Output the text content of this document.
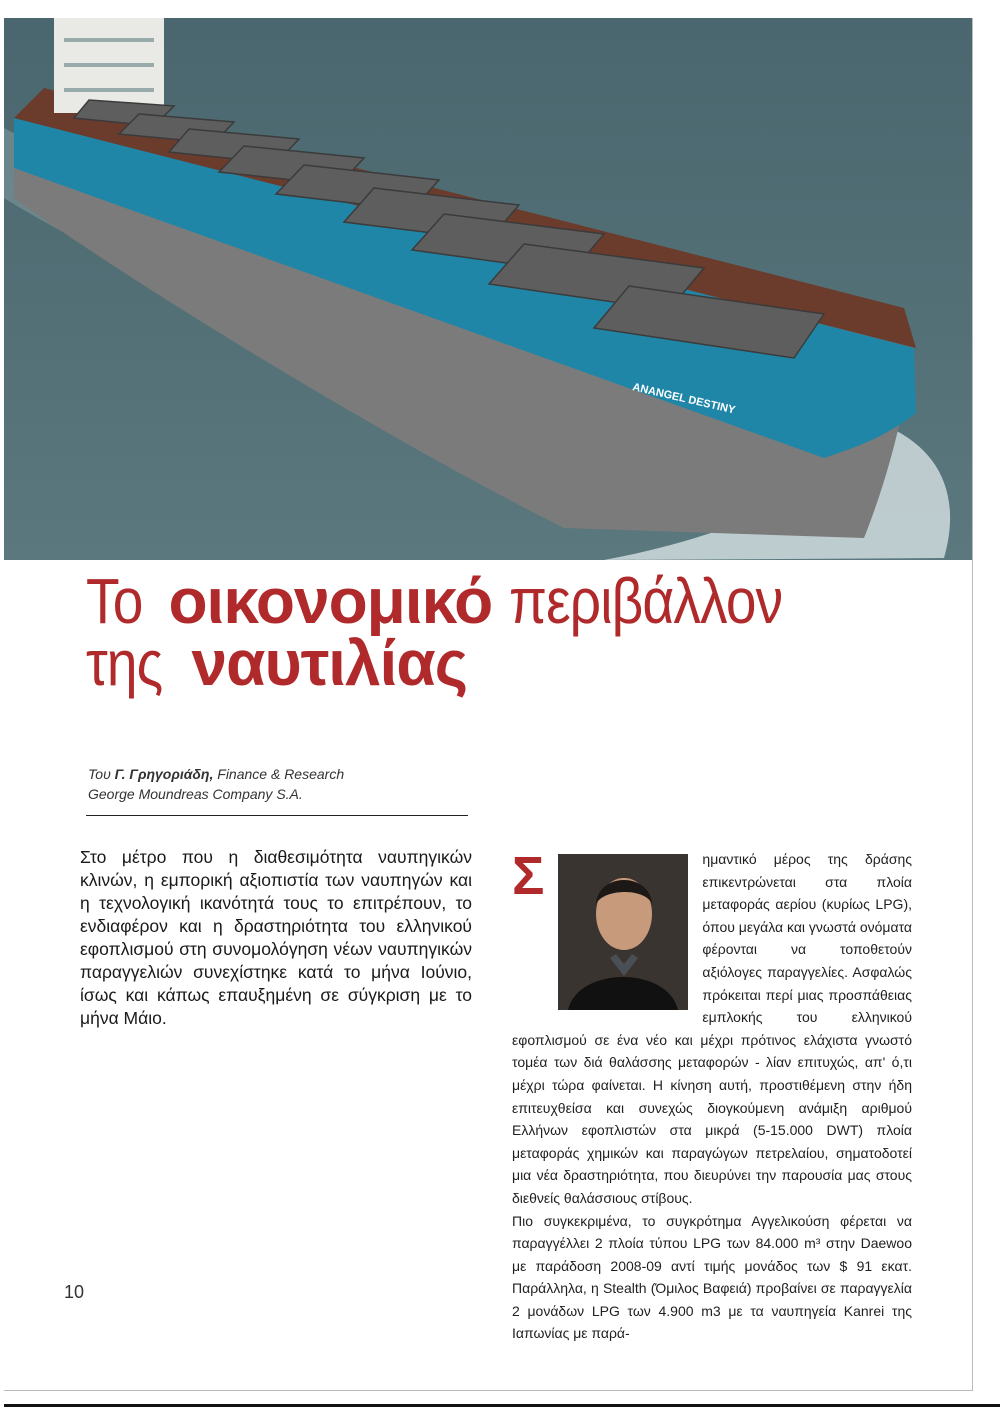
ANANGEL DESTINY
Το οικονομικό περιβάλλον
της ναυτιλίας
Του Γ. Γρηγοριάδη, Finance & Research
George Moundreas Company S.A.

Στο μέτρο που η διαθεσιμότητα ναυπηγικών κλινών, η εμπορική αξιοπιστία των ναυπηγών και η τεχνολογική ικανότητά τους το επιτρέπουν, το ενδιαφέρον και η δραστηριότητα του ελληνικού εφοπλισμού στη συνομολόγηση νέων ναυπηγικών παραγγελιών συνεχίστηκε κατά το μήνα Ιούνιο, ίσως και κάπως επαυξημένη σε σύγκριση με το μήνα Μάιο.

Σ	ημαντικό μέρος της δράσης επικεντρώνεται στα πλοία μεταφοράς αερίου (κυρίως LPG), όπου μεγάλα και γνωστά ονόματα φέρονται να τοποθετούν αξιόλογες παραγγελίες. Ασφαλώς πρόκειται περί μιας προσπάθειας εμπλοκής του ελληνικού εφοπλισμού σε ένα νέο και μέχρι πρότινος ελάχιστα γνωστό τομέα των διά θαλάσσης μεταφορών - λίαν επιτυχώς, απ' ό,τι μέχρι τώρα φαίνεται. Η κίνηση αυτή, προστιθέμενη στην ήδη επιτευχθείσα και συνεχώς διογκούμενη ανάμιξη αριθμού Ελλήνων εφοπλιστών στα μικρά (5-15.000 DWT) πλοία μεταφοράς χημικών και παραγώγων πετρελαίου, σηματοδοτεί μια νέα δραστηριότητα, που διευρύνει την παρουσία μας στους διεθνείς θαλάσσιους στίβους.

Πιο συγκεκριμένα, το συγκρότημα Αγγελικούση φέρεται να παραγγέλλει 2 πλοία τύπου LPG των 84.000 m³ στην Daewoo με παράδοση 2008-09 αντί τιμής μονάδος των $ 91 εκατ. Παράλληλα, η Stealth (Όμιλος Βαφειά) προβαίνει σε παραγγελία 2 μονάδων LPG των 4.900 m3 με τα ναυπηγεία Kanrei της Ιαπωνίας με παρά-

10
